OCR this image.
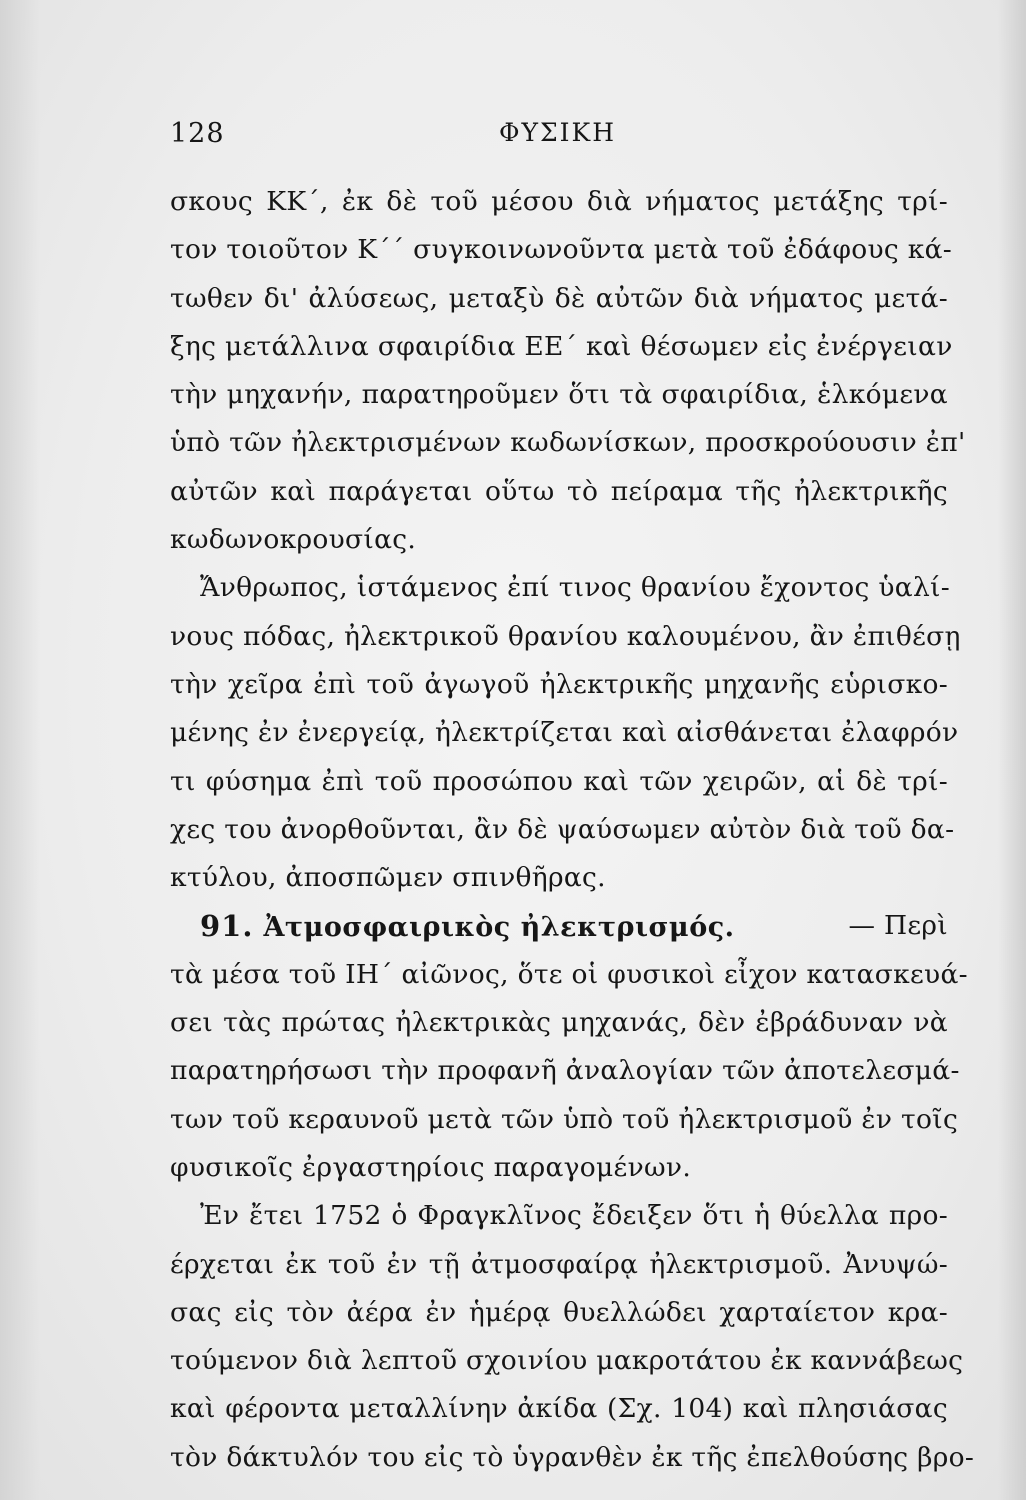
128	ΦΥΣΙΚΗ
σκους ΚΚ΄, ἐκ δὲ τοῦ μέσου διὰ νήματος μετάξης τρί-
τον τοιοῦτον Κ΄΄ συγκοινωνοῦντα μετὰ τοῦ ἐδάφους κά-
τωθεν δι' ἀλύσεως, μεταξὺ δὲ αὐτῶν διὰ νήματος μετά-
ξης μετάλλινα σφαιρίδια ΕΕ΄ καὶ θέσωμεν εἰς ἐνέργειαν
τὴν μηχανήν, παρατηροῦμεν ὅτι τὰ σφαιρίδια, ἑλκόμενα
ὑπὸ τῶν ἠλεκτρισμένων κωδωνίσκων, προσκρούουσιν ἐπ'
αὐτῶν καὶ παράγεται οὕτω τὸ πείραμα τῆς ἠλεκτρικῆς
κωδωνοκρουσίας.
Ἄνθρωπος, ἱστάμενος ἐπί τινος θρανίου ἔχοντος ὑαλί-
νους πόδας, ἠλεκτρικοῦ θρανίου καλουμένου, ἂν ἐπιθέσῃ
τὴν χεῖρα ἐπὶ τοῦ ἀγωγοῦ ἠλεκτρικῆς μηχανῆς εὑρισκο-
μένης ἐν ἐνεργείᾳ, ἠλεκτρίζεται καὶ αἰσθάνεται ἐλαφρόν
τι φύσημα ἐπὶ τοῦ προσώπου καὶ τῶν χειρῶν, αἱ δὲ τρί-
χες του ἀνορθοῦνται, ἂν δὲ ψαύσωμεν αὐτὸν διὰ τοῦ δα-
κτύλου, ἀποσπῶμεν σπινθῆρας.
91. Ἀτμοσφαιρικὸς ἠλεκτρισμός.	— Περὶ
τὰ μέσα τοῦ ΙΗ΄ αἰῶνος, ὅτε οἱ φυσικοὶ εἶχον κατασκευά-
σει τὰς πρώτας ἠλεκτρικὰς μηχανάς, δὲν ἐβράδυναν νὰ
παρατηρήσωσι τὴν προφανῆ ἀναλογίαν τῶν ἀποτελεσμά-
των τοῦ κεραυνοῦ μετὰ τῶν ὑπὸ τοῦ ἠλεκτρισμοῦ ἐν τοῖς
φυσικοῖς ἐργαστηρίοις παραγομένων.
Ἐν ἔτει 1752 ὁ Φραγκλῖνος ἔδειξεν ὅτι ἡ θύελλα προ-
έρχεται ἐκ τοῦ ἐν τῇ ἀτμοσφαίρᾳ ἠλεκτρισμοῦ. Ἀνυψώ-
σας εἰς τὸν ἀέρα ἐν ἡμέρᾳ θυελλώδει χαρταίετον κρα-
τούμενον διὰ λεπτοῦ σχοινίου μακροτάτου ἐκ καννάβεως
καὶ φέροντα μεταλλίνην ἀκίδα (Σχ. 104) καὶ πλησιάσας
τὸν δάκτυλόν του εἰς τὸ ὑγρανθὲν ἐκ τῆς ἐπελθούσης βρο-
